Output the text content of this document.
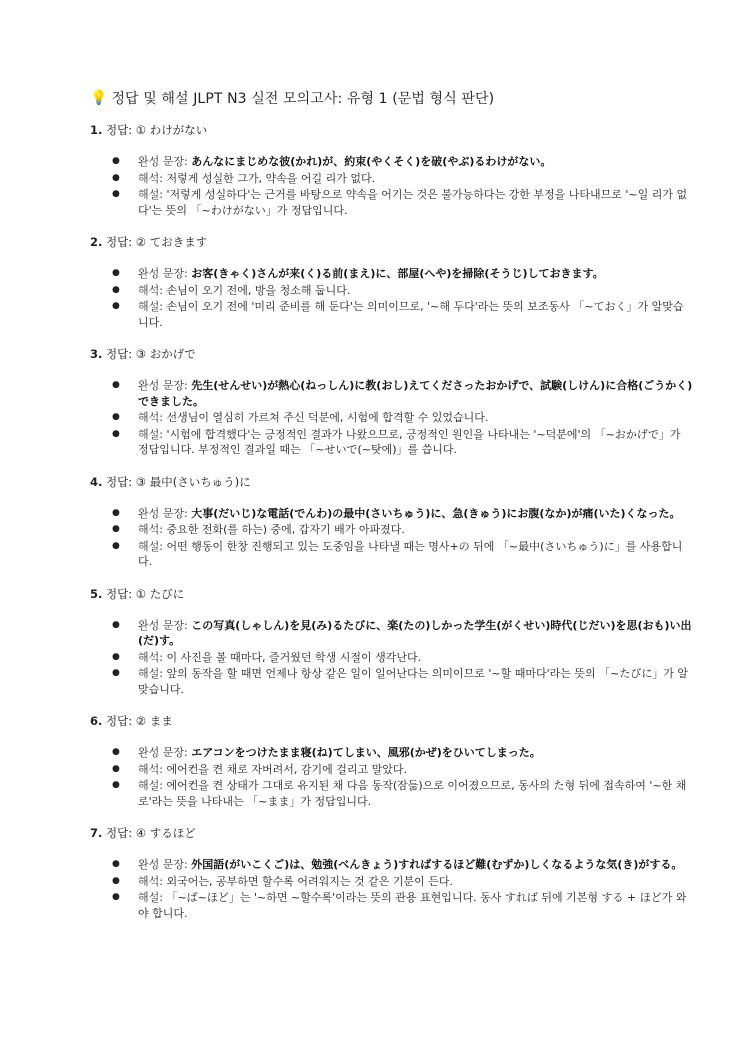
💡 정답 및 해설 JLPT N3 실전 모의고사: 유형 1 (문법 형식 판단)
1. 정답: ① わけがない
● 완성 문장: あんなにまじめな彼(かれ)が、約束(やくそく)を破(やぶ)るわけがない。
● 해석: 저렇게 성실한 그가, 약속을 어길 리가 없다.
● 해설: '저렇게 성실하다'는 근거를 바탕으로 약속을 어기는 것은 불가능하다는 강한 부정을 나타내므로 '~일 리가 없다'는 뜻의 「~わけがない」가 정답입니다.
2. 정답: ② ておきます
● 완성 문장: お客(きゃく)さんが来(く)る前(まえ)に、部屋(へや)を掃除(そうじ)しておきます。
● 해석: 손님이 오기 전에, 방을 청소해 둡니다.
● 해설: 손님이 오기 전에 '미리 준비를 해 둔다'는 의미이므로, '~해 두다'라는 뜻의 보조동사 「~ておく」가 알맞습니다.
3. 정답: ③ おかげで
● 완성 문장: 先生(せんせい)が熱心(ねっしん)に教(おし)えてくださったおかげで、試験(しけん)に合格(ごうかく)できました。
● 해석: 선생님이 열심히 가르쳐 주신 덕분에, 시험에 합격할 수 있었습니다.
● 해설: '시험에 합격했다'는 긍정적인 결과가 나왔으므로, 긍정적인 원인을 나타내는 '~덕분에'의 「~おかげで」가 정답입니다. 부정적인 결과일 때는 「~せいで(~탓에)」를 씁니다.
4. 정답: ③ 最中(さいちゅう)に
● 완성 문장: 大事(だいじ)な電話(でんわ)の最中(さいちゅう)に、急(きゅう)にお腹(なか)が痛(いた)くなった。
● 해석: 중요한 전화(를 하는) 중에, 갑자기 배가 아파졌다.
● 해설: 어떤 행동이 한창 진행되고 있는 도중임을 나타낼 때는 명사+の 뒤에 「~最中(さいちゅう)に」를 사용합니다.
5. 정답: ① たびに
● 완성 문장: この写真(しゃしん)を見(み)るたびに、楽(たの)しかった学生(がくせい)時代(じだい)を思(おも)い出(だ)す。
● 해석: 이 사진을 볼 때마다, 즐거웠던 학생 시절이 생각난다.
● 해설: 앞의 동작을 할 때면 언제나 항상 같은 일이 일어난다는 의미이므로 '~할 때마다'라는 뜻의 「~たびに」가 알맞습니다.
6. 정답: ② まま
● 완성 문장: エアコンをつけたまま寝(ね)てしまい、風邪(かぜ)をひいてしまった。
● 해석: 에어컨을 켠 채로 자버려서, 감기에 걸리고 말았다.
● 해설: 에어컨을 켠 상태가 그대로 유지된 채 다음 동작(잠듦)으로 이어졌으므로, 동사의 た형 뒤에 접속하여 '~한 채로'라는 뜻을 나타내는 「~まま」가 정답입니다.
7. 정답: ④ するほど
● 완성 문장: 外国語(がいこくご)は、勉強(べんきょう)すればするほど難(むずか)しくなるような気(き)がする。
● 해석: 외국어는, 공부하면 할수록 어려워지는 것 같은 기분이 든다.
● 해설: 「~ば~ほど」는 '~하면 ~할수록'이라는 뜻의 관용 표현입니다. 동사 すれば 뒤에 기본형 する + ほど가 와야 합니다.
